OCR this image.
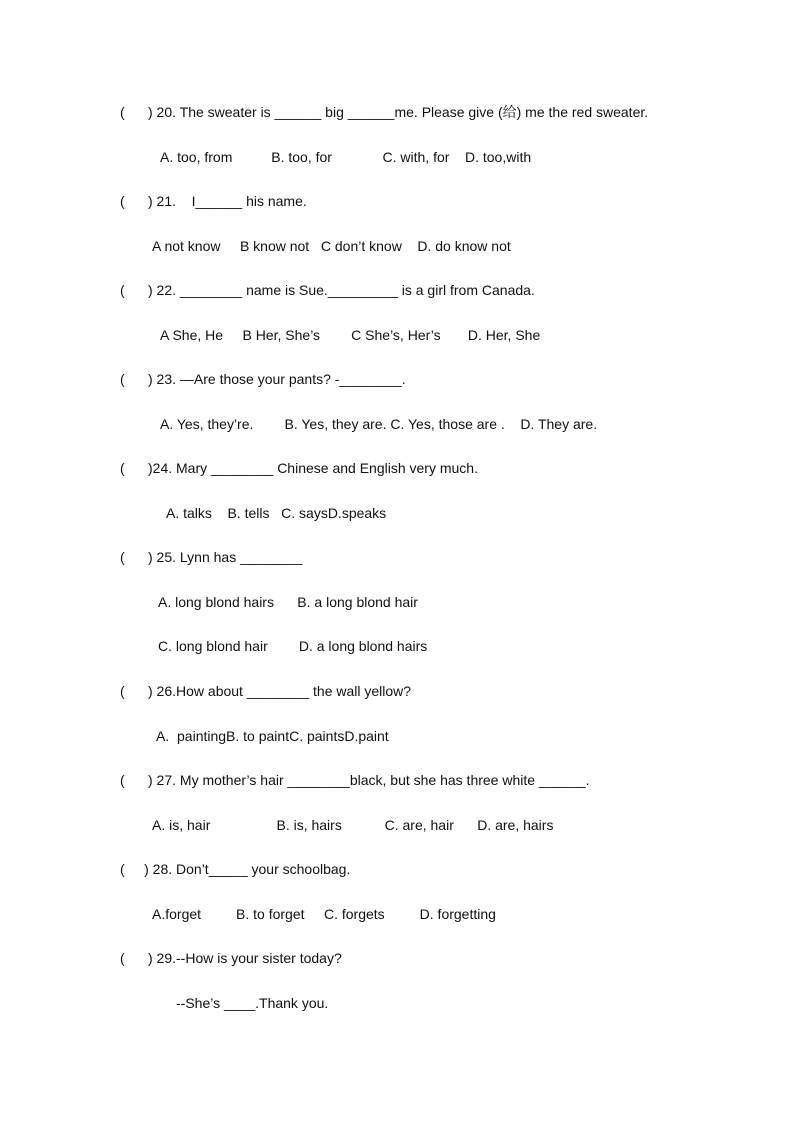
(      ) 20. The sweater is ______ big ______me. Please give (给) me the red sweater.

A. too, from          B. too, for             C. with, for    D. too,with

(      ) 21.    I______ his name.

A not know     B know not   C don’t know    D. do know not

(      ) 22. ________ name is Sue._________ is a girl from Canada.

A She, He     B Her, She’s        C She’s, Her’s       D. Her, She

(      ) 23. —Are those your pants? -________.

A. Yes, they’re.        B. Yes, they are. C. Yes, those are .    D. They are.

(      )24. Mary ________ Chinese and English very much.

A. talks    B. tells   C. saysD.speaks

(      ) 25. Lynn has ________

A. long blond hairs      B. a long blond hair

C. long blond hair        D. a long blond hairs

(      ) 26.How about ________ the wall yellow?

A.  paintingB. to paintC. paintsD.paint

(      ) 27. My mother’s hair ________black, but she has three white ______.

A. is, hair                 B. is, hairs           C. are, hair      D. are, hairs

(     ) 28. Don’t_____ your schoolbag.

A.forget         B. to forget     C. forgets         D. forgetting

(      ) 29.--How is your sister today?

--She’s ____.Thank you.
